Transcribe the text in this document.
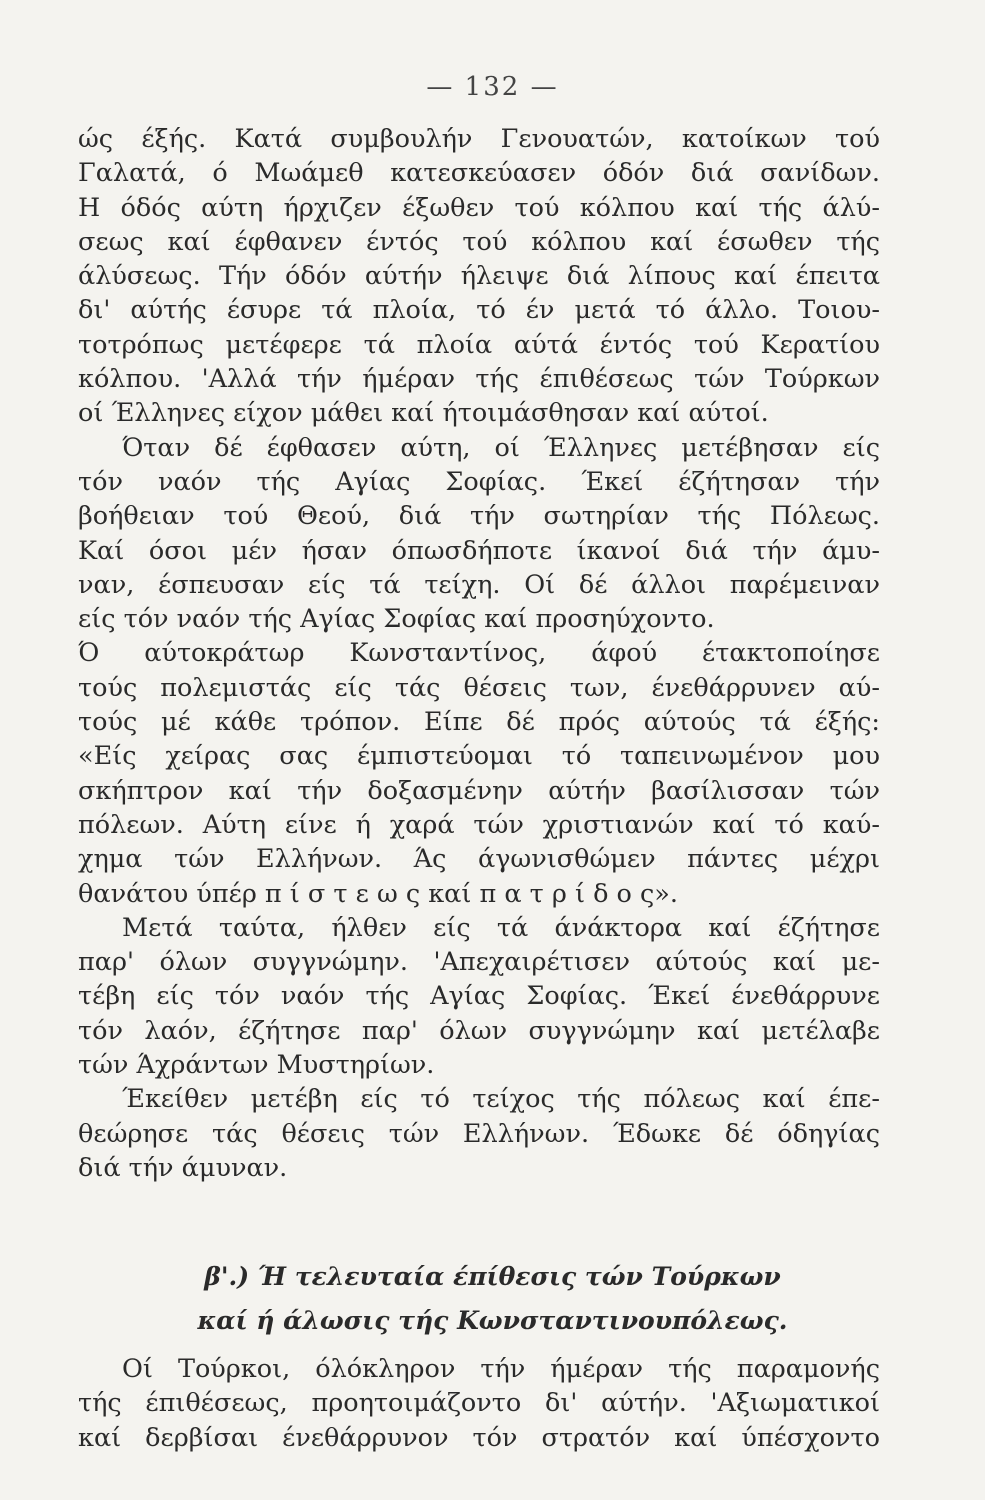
— 132 —
ώς έξής. Κατά συμβουλήν Γενουατών, κατοίκων τού
Γαλατά, ό Μωάμεθ κατεσκεύασεν όδόν διά σανίδων.
Η όδός αύτη ήρχιζεν έξωθεν τού κόλπου καί τής άλύ-
σεως καί έφθανεν έντός τού κόλπου καί έσωθεν τής
άλύσεως. Τήν όδόν αύτήν ήλειψε διά λίπους καί έπειτα
δι' αύτής έσυρε τά πλοία, τό έν μετά τό άλλο. Τοιου-
τοτρόπως μετέφερε τά πλοία αύτά έντός τού Κερατίου
κόλπου. 'Αλλά τήν ήμέραν τής έπιθέσεως τών Τούρκων
οί Έλληνες είχον μάθει καί ήτοιμάσθησαν καί αύτοί.
Όταν δέ έφθασεν αύτη, οί Έλληνες μετέβησαν είς
τόν ναόν τής Αγίας Σοφίας. Έκεί έζήτησαν τήν
βοήθειαν τού Θεού, διά τήν σωτηρίαν τής Πόλεως.
Καί όσοι μέν ήσαν όπωσδήποτε ίκανοί διά τήν άμυ-
ναν, έσπευσαν είς τά τείχη. Οί δέ άλλοι παρέμειναν
είς τόν ναόν τής Αγίας Σοφίας καί προσηύχοντο.
Ό αύτοκράτωρ Κωνσταντίνος, άφού έτακτοποίησε
τούς πολεμιστάς είς τάς θέσεις των, ένεθάρρυνεν αύ-
τούς μέ κάθε τρόπον. Είπε δέ πρός αύτούς τά έξής:
«Είς χείρας σας έμπιστεύομαι τό ταπεινωμένον μου
σκήπτρον καί τήν δοξασμένην αύτήν βασίλισσαν τών
πόλεων. Αύτη είνε ή χαρά τών χριστιανών καί τό καύ-
χημα τών Ελλήνων. Άς άγωνισθώμεν πάντες μέχρι
θανάτου ύπέρ π ί σ τ ε ω ς καί π α τ ρ ί δ ο ς».
Μετά ταύτα, ήλθεν είς τά άνάκτορα καί έζήτησε
παρ' όλων συγγνώμην. 'Απεχαιρέτισεν αύτούς καί με-
τέβη είς τόν ναόν τής Αγίας Σοφίας. Έκεί ένεθάρρυνε
τόν λαόν, έζήτησε παρ' όλων συγγνώμην καί μετέλαβε
τών Άχράντων Μυστηρίων.
Έκείθεν μετέβη είς τό τείχος τής πόλεως καί έπε-
θεώρησε τάς θέσεις τών Ελλήνων. Έδωκε δέ όδηγίας
διά τήν άμυναν.
β'.) Ή τελευταία έπίθεσις τών Τούρκων
καί ή άλωσις τής Κωνσταντινουπόλεως.
Οί Τούρκοι, όλόκληρον τήν ήμέραν τής παραμονής
τής έπιθέσεως, προητοιμάζοντο δι' αύτήν. 'Αξιωματικοί
καί δερβίσαι ένεθάρρυνον τόν στρατόν καί ύπέσχοντο
